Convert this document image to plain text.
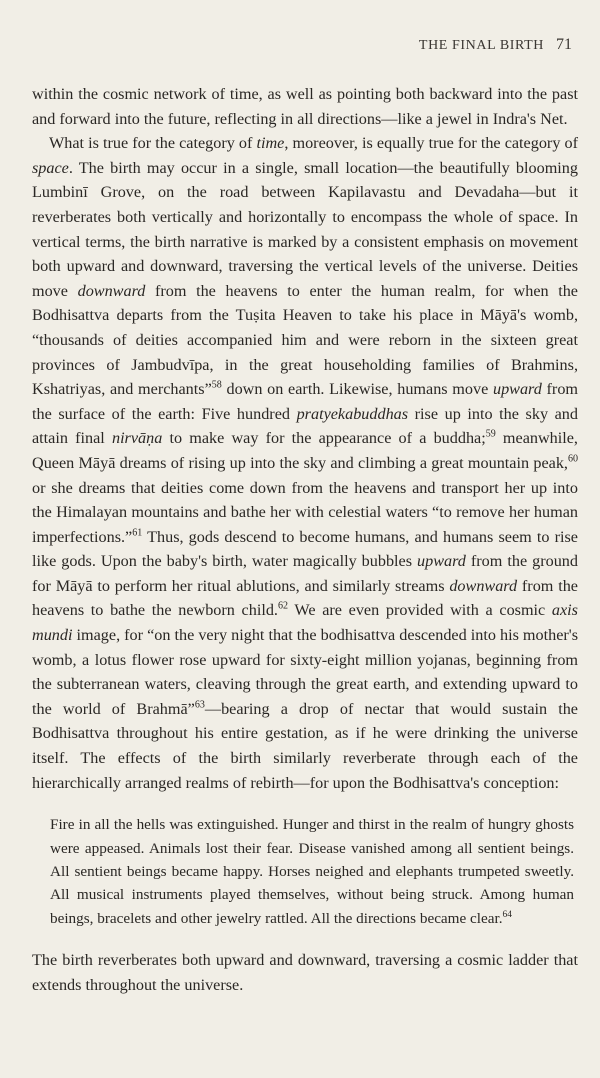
THE FINAL BIRTH 71

within the cosmic network of time, as well as pointing both backward into the past and forward into the future, reflecting in all directions—like a jewel in Indra's Net.

What is true for the category of time, moreover, is equally true for the category of space. The birth may occur in a single, small location—the beautifully blooming Lumbinī Grove, on the road between Kapilavastu and Devadaha—but it reverberates both vertically and horizontally to encompass the whole of space. In vertical terms, the birth narrative is marked by a consistent emphasis on movement both upward and downward, traversing the vertical levels of the universe. Deities move downward from the heavens to enter the human realm, for when the Bodhisattva departs from the Tuṣita Heaven to take his place in Māyā's womb, “thousands of deities accompanied him and were reborn in the sixteen great provinces of Jambudvīpa, in the great householding families of Brahmins, Kshatriyas, and merchants”$^{58}$ down on earth. Likewise, humans move upward from the surface of the earth: Five hundred pratyekabuddhas rise up into the sky and attain final nirvāṇa to make way for the appearance of a buddha;$^{59}$ meanwhile, Queen Māyā dreams of rising up into the sky and climbing a great mountain peak,$^{60}$ or she dreams that deities come down from the heavens and transport her up into the Himalayan mountains and bathe her with celestial waters “to remove her human imperfections.”$^{61}$ Thus, gods descend to become humans, and humans seem to rise like gods. Upon the baby's birth, water magically bubbles upward from the ground for Māyā to perform her ritual ablutions, and similarly streams downward from the heavens to bathe the newborn child.$^{62}$ We are even provided with a cosmic axis mundi image, for “on the very night that the bodhisattva descended into his mother's womb, a lotus flower rose upward for sixty-eight million yojanas, beginning from the subterranean waters, cleaving through the great earth, and extending upward to the world of Brahmā”$^{63}$—bearing a drop of nectar that would sustain the Bodhisattva throughout his entire gestation, as if he were drinking the universe itself. The effects of the birth similarly reverberate through each of the hierarchically arranged realms of rebirth—for upon the Bodhisattva's conception:

Fire in all the hells was extinguished. Hunger and thirst in the realm of hungry ghosts were appeased. Animals lost their fear. Disease vanished among all sentient beings. All sentient beings became happy. Horses neighed and elephants trumpeted sweetly. All musical instruments played themselves, without being struck. Among human beings, bracelets and other jewelry rattled. All the directions became clear.$^{64}$

The birth reverberates both upward and downward, traversing a cosmic ladder that extends throughout the universe.
